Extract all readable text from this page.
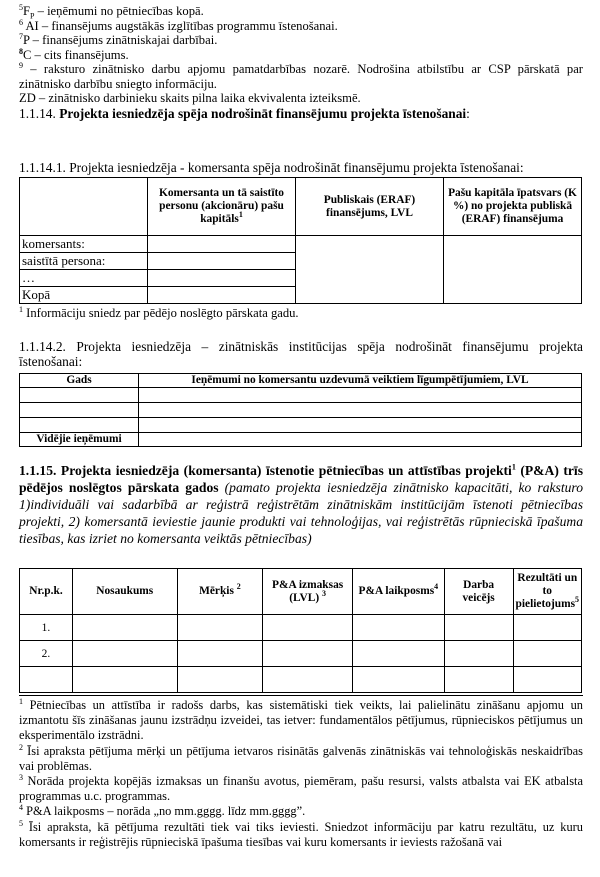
$^5F_P$ – ieņēmumi no pētniecības kopā.

$^6$ AI – finansējums augstākās izglītības programmu īstenošanai.

$^7$P – finansējums zinātniskajai darbībai.

$^8$C – cits finansējums.

$^9$ – raksturo zinātnisko darbu apjomu pamatdarbības nozarē. Nodrošina atbilstību ar CSP pārskatā par zinātnisko darbību sniegto informāciju.

ZD – zinātnisko darbinieku skaits pilna laika ekvivalenta izteiksmē.

1.1.14. Projekta iesniedzēja spēja nodrošināt finansējumu projekta īstenošanai:

1.1.14.1. Projekta iesniedzēja - komersanta spēja nodrošināt finansējumu projekta īstenošanai:
	Komersanta un tā saistīto personu (akcionāru) pašu kapitāls$^1$	Publiskais (ERAF) finansējums, LVL	Pašu kapitāla īpatsvars (K %) no projekta publiskā (ERAF) finansējuma
komersants:			
saistītā persona:			
…			
Kopā			
$^1$ Informāciju sniedz par pēdējo noslēgto pārskata gadu.
1.1.14.2. Projekta iesniedzēja – zinātniskās institūcijas spēja nodrošināt finansējumu projekta īstenošanai:
Gads	Ieņēmumi no komersantu uzdevumā veiktiem līgumpētījumiem, LVL

Vidējie ieņēmumi	
1.1.15. Projekta iesniedzēja (komersanta) īstenotie pētniecības un attīstības projekti$^1$ (P&A) trīs pēdējos noslēgtos pārskata gados (pamato projekta iesniedzēja zinātnisko kapacitāti, ko raksturo 1)individuāli vai sadarbībā ar reģistrā reģistrētām zinātniskām institūcijām īstenoti pētniecības projekti, 2) komersantā ieviestie jaunie produkti vai tehnoloģijas, vai reģistrētās rūpnieciskā īpašuma tiesības, kas izriet no komersanta veiktās pētniecības)
Nr.p.k.	Nosaukums	Mērķis $^2$	P&A izmaksas (LVL) $^3$	P&A laikposms$^4$	Darba veicējs	Rezultāti un to pielietojums$^5$
1.						
2.						

$^1$ Pētniecības un attīstība ir radošs darbs, kas sistemātiski tiek veikts, lai palielinātu zināšanu apjomu un izmantotu šīs zināšanas jaunu izstrādņu izveidei, tas ietver: fundamentālos pētījumus, rūpnieciskos pētījumus un eksperimentālo izstrādni.

$^2$ Īsi apraksta pētījuma mērķi un pētījuma ietvaros risinātās galvenās zinātniskās vai tehnoloģiskās neskaidrības vai problēmas.

$^3$ Norāda projekta kopējās izmaksas un finanšu avotus, piemēram, pašu resursi, valsts atbalsta vai EK atbalsta programmas u.c. programmas.

$^4$ P&A laikposms – norāda „no mm.gggg. līdz mm.gggg”.

$^5$ Īsi apraksta, kā pētījuma rezultāti tiek vai tiks ieviesti. Sniedzot informāciju par katru rezultātu, uz kuru komersants ir reģistrējis rūpnieciskā īpašuma tiesības vai kuru komersants ir ieviests ražošanā vai
